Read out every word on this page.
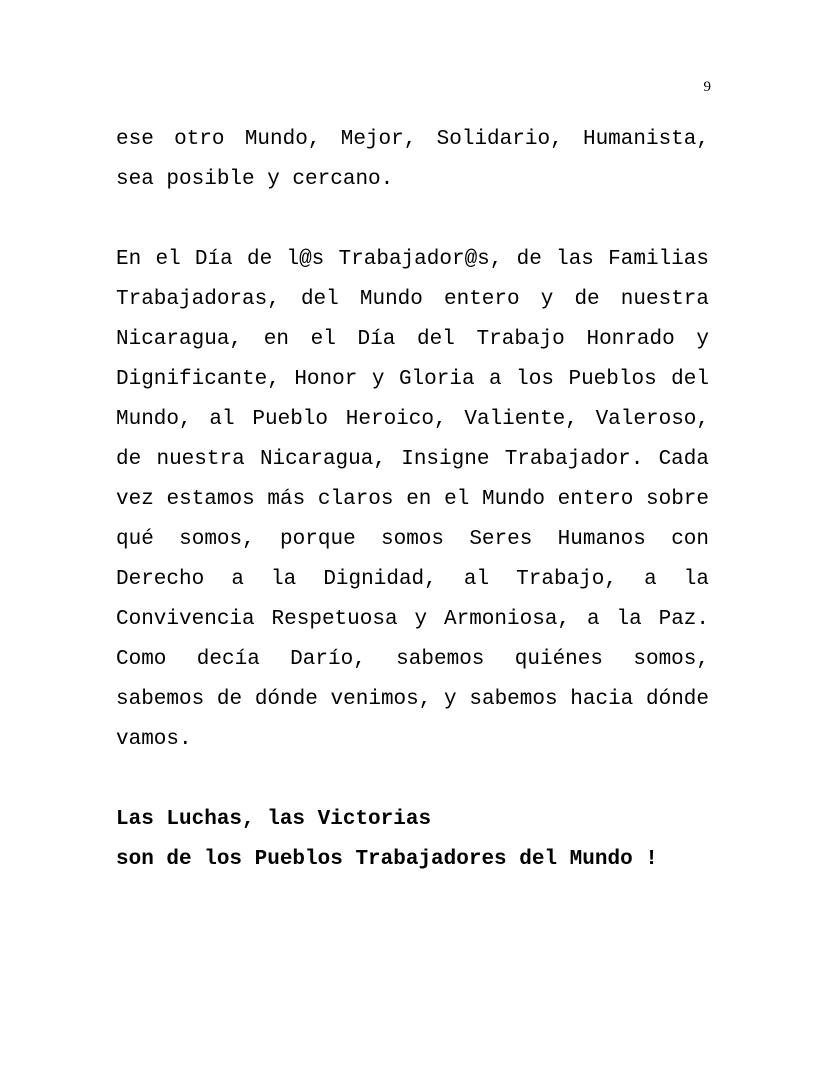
9

ese otro Mundo, Mejor, Solidario, Humanista, sea posible y cercano.

En el Día de l@s Trabajador@s, de las Familias Trabajadoras, del Mundo entero y de nuestra Nicaragua, en el Día del Trabajo Honrado y Dignificante, Honor y Gloria a los Pueblos del Mundo, al Pueblo Heroico, Valiente, Valeroso, de nuestra Nicaragua, Insigne Trabajador. Cada vez estamos más claros en el Mundo entero sobre qué somos, porque somos Seres Humanos con Derecho a la Dignidad, al Trabajo, a la Convivencia Respetuosa y Armoniosa, a la Paz. Como decía Darío, sabemos quiénes somos, sabemos de dónde venimos, y sabemos hacia dónde vamos.

Las Luchas, las Victorias
son de los Pueblos Trabajadores del Mundo !
